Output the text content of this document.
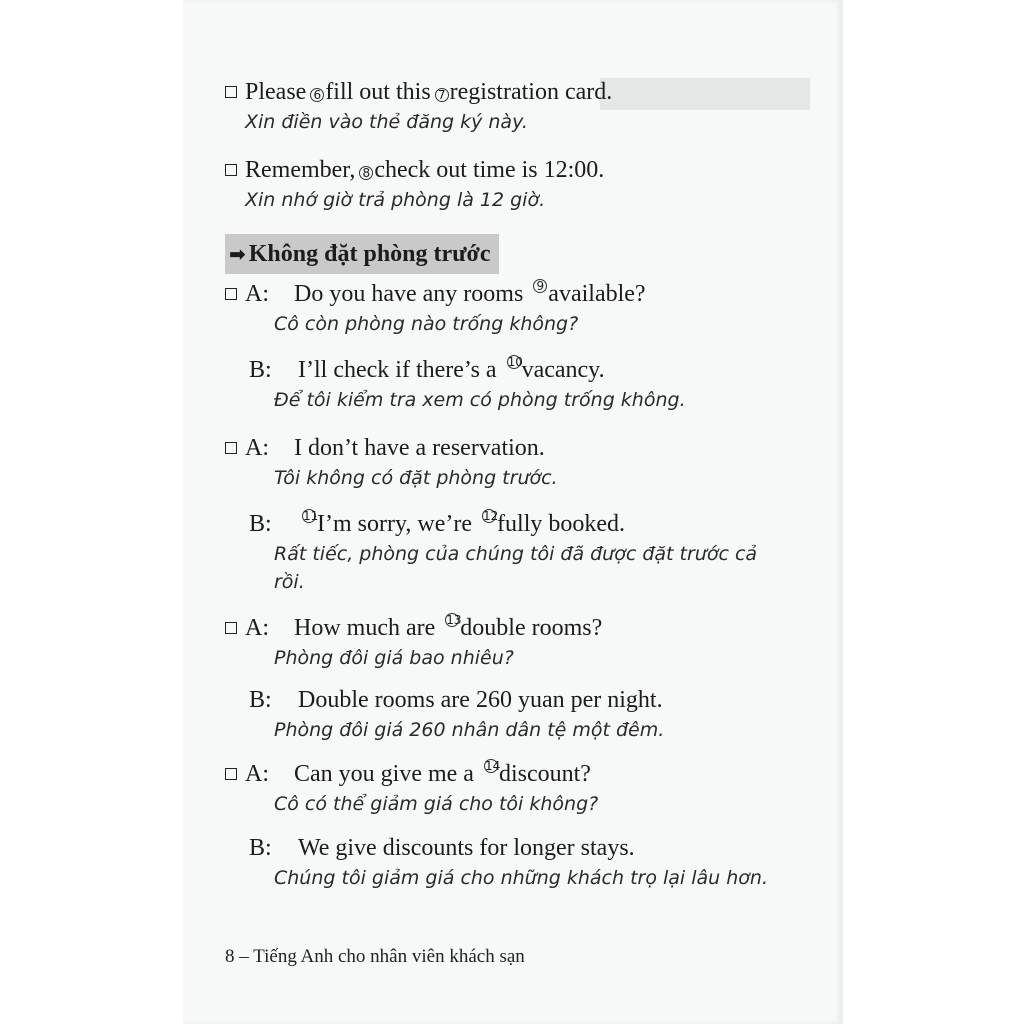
Please 6 fill out this 7 registration card.
Xin điền vào thẻ đăng ký này.
Remember, 8 check out time is 12:00.
Xin nhớ giờ trả phòng là 12 giờ.
➡ Không đặt phòng trước
A: Do you have any rooms $^9$ available?
Cô còn phòng nào trống không?
B: I’ll check if there’s a $^{10}$vacancy.
Để tôi kiểm tra xem có phòng trống không.
A: I don’t have a reservation.
Tôi không có đặt phòng trước.
B:	$^{11}$I’m sorry, we’re $^{12}$fully booked.
Rất tiếc, phòng của chúng tôi đã được đặt trước cả
rồi.
A: How much are $^{13}$double rooms?
Phòng đôi giá bao nhiêu?
B: Double rooms are 260 yuan per night.
Phòng đôi giá 260 nhân dân tệ một đêm.
A: Can you give me a $^{14}$discount?
Cô có thể giảm giá cho tôi không?
B: We give discounts for longer stays.
Chúng tôi giảm giá cho những khách trọ lại lâu hơn.
8 – Tiếng Anh cho nhân viên khách sạn
